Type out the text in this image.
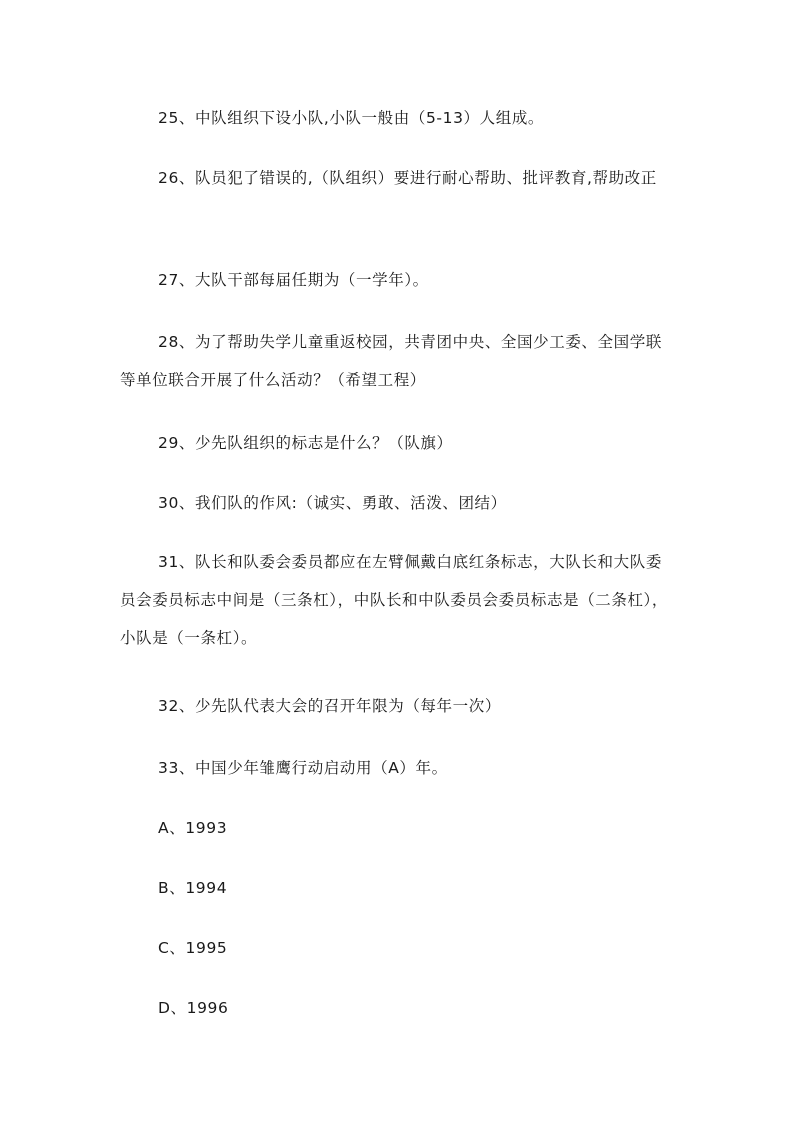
25、中队组织下设小队,小队一般由（5-13）人组成。

26、队员犯了错误的,（队组织）要进行耐心帮助、批评教育,帮助改正

27、大队干部每届任期为（一学年）。

28、为了帮助失学儿童重返校园，共青团中央、全国少工委、全国学联等单位联合开展了什么活动？（希望工程）

29、少先队组织的标志是什么？（队旗）

30、我们队的作风:（诚实、勇敢、活泼、团结）

31、队长和队委会委员都应在左臂佩戴白底红条标志，大队长和大队委员会委员标志中间是（三条杠），中队长和中队委员会委员标志是（二条杠），小队是（一条杠）。

32、少先队代表大会的召开年限为（每年一次）

33、中国少年雏鹰行动启动用（A）年。

A、1993

B、1994

C、1995

D、1996
